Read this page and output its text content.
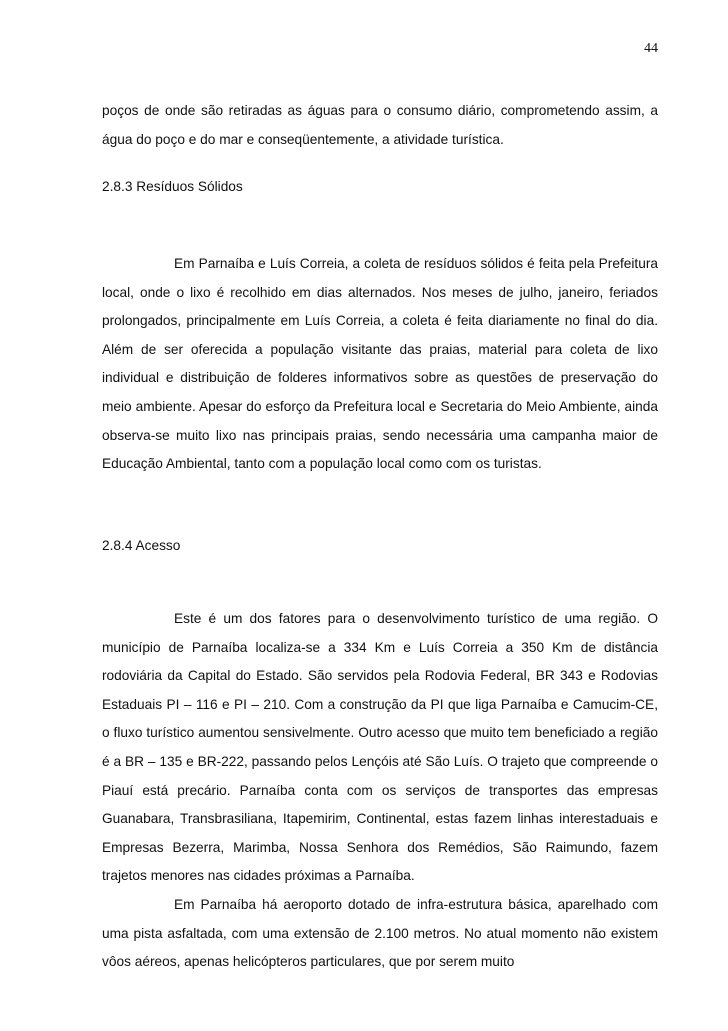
44

poços de onde são retiradas as águas para o consumo diário, comprometendo assim, a água do poço e do mar e conseqüentemente, a atividade turística.

2.8.3 Resíduos Sólidos

Em Parnaíba e Luís Correia, a coleta de resíduos sólidos é feita pela Prefeitura local, onde o lixo é recolhido em dias alternados. Nos meses de julho, janeiro, feriados prolongados, principalmente em Luís Correia, a coleta é feita diariamente no final do dia. Além de ser oferecida a população visitante das praias, material para coleta de lixo individual e distribuição de folderes informativos sobre as questões de preservação do meio ambiente. Apesar do esforço da Prefeitura local e Secretaria do Meio Ambiente, ainda observa-se muito lixo nas principais praias, sendo necessária uma campanha maior de Educação Ambiental, tanto com a população local como com os turistas.

2.8.4 Acesso

Este é um dos fatores para o desenvolvimento turístico de uma região. O município de Parnaíba localiza-se a 334 Km e Luís Correia a 350 Km de distância rodoviária da Capital do Estado. São servidos pela Rodovia Federal, BR 343 e Rodovias Estaduais PI – 116 e PI – 210. Com a construção da PI que liga Parnaíba e Camucim-CE, o fluxo turístico aumentou sensivelmente. Outro acesso que muito tem beneficiado a região é a BR – 135 e BR-222, passando pelos Lençóis até São Luís. O trajeto que compreende o Piauí está precário. Parnaíba conta com os serviços de transportes das empresas Guanabara, Transbrasiliana, Itapemirim, Continental, estas fazem linhas interestaduais e Empresas Bezerra, Marimba, Nossa Senhora dos Remédios, São Raimundo, fazem trajetos menores nas cidades próximas a Parnaíba.

Em Parnaíba há aeroporto dotado de infra-estrutura básica, aparelhado com uma pista asfaltada, com uma extensão de 2.100 metros. No atual momento não existem vôos aéreos, apenas helicópteros particulares, que por serem muito
